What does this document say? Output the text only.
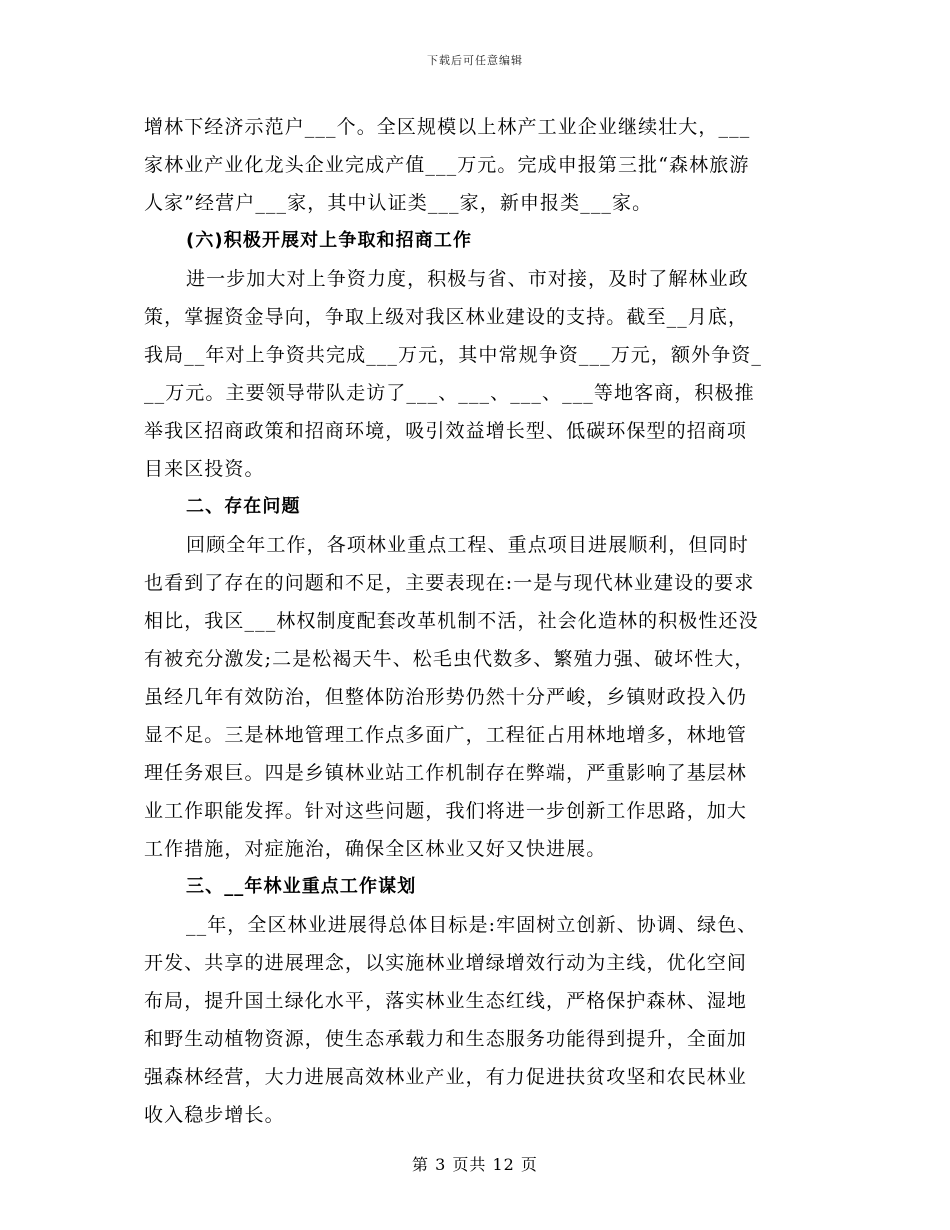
下载后可任意编辑
增林下经济示范户___个。全区规模以上林产工业企业继续壮大，___
家林业产业化龙头企业完成产值___万元。完成申报第三批“森林旅游
人家”经营户___家，其中认证类___家，新申报类___家。
(六)积极开展对上争取和招商工作
进一步加大对上争资力度，积极与省、市对接，及时了解林业政
策，掌握资金导向，争取上级对我区林业建设的支持。截至__月底，
我局__年对上争资共完成___万元，其中常规争资___万元，额外争资_
__万元。主要领导带队走访了___、___、___、___等地客商，积极推
举我区招商政策和招商环境，吸引效益增长型、低碳环保型的招商项
目来区投资。
二、存在问题
回顾全年工作，各项林业重点工程、重点项目进展顺利，但同时
也看到了存在的问题和不足，主要表现在:一是与现代林业建设的要求
相比，我区___林权制度配套改革机制不活，社会化造林的积极性还没
有被充分激发;二是松褐天牛、松毛虫代数多、繁殖力强、破坏性大，
虽经几年有效防治，但整体防治形势仍然十分严峻，乡镇财政投入仍
显不足。三是林地管理工作点多面广，工程征占用林地增多，林地管
理任务艰巨。四是乡镇林业站工作机制存在弊端，严重影响了基层林
业工作职能发挥。针对这些问题，我们将进一步创新工作思路，加大
工作措施，对症施治，确保全区林业又好又快进展。
三、__年林业重点工作谋划
__年，全区林业进展得总体目标是:牢固树立创新、协调、绿色、
开发、共享的进展理念，以实施林业增绿增效行动为主线，优化空间
布局，提升国土绿化水平，落实林业生态红线，严格保护森林、湿地
和野生动植物资源，使生态承载力和生态服务功能得到提升，全面加
强森林经营，大力进展高效林业产业，有力促进扶贫攻坚和农民林业
收入稳步增长。
第 3 页共 12 页
